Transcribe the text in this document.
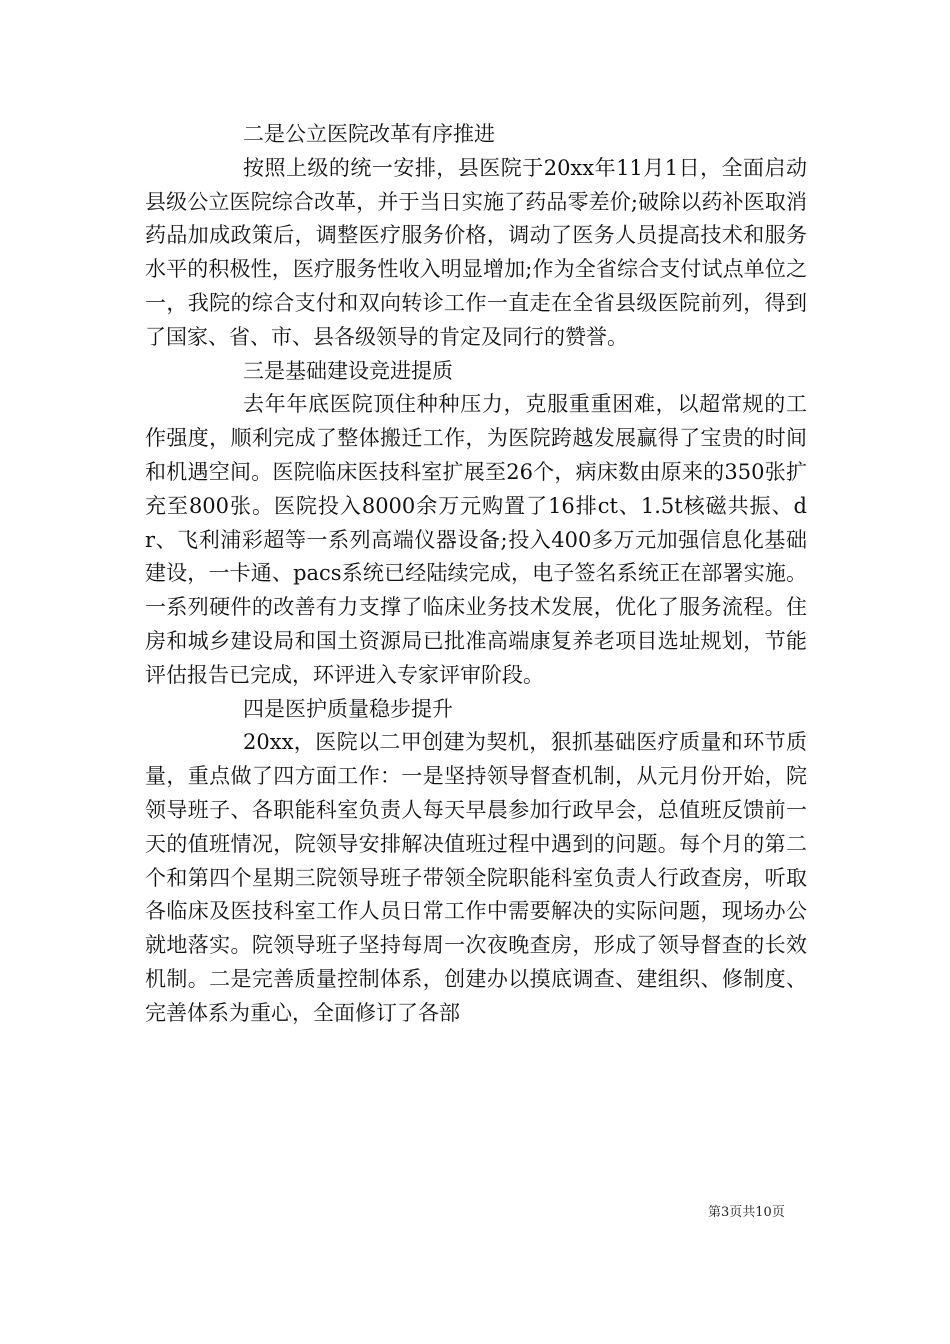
二是公立医院改革有序推进

按照上级的统一安排，县医院于20xx年11月1日，全面启动县级公立医院综合改革，并于当日实施了药品零差价;破除以药补医取消药品加成政策后，调整医疗服务价格，调动了医务人员提高技术和服务水平的积极性，医疗服务性收入明显增加;作为全省综合支付试点单位之一，我院的综合支付和双向转诊工作一直走在全省县级医院前列，得到了国家、省、市、县各级领导的肯定及同行的赞誉。

三是基础建设竞进提质

去年年底医院顶住种种压力，克服重重困难，以超常规的工作强度，顺利完成了整体搬迁工作，为医院跨越发展赢得了宝贵的时间和机遇空间。医院临床医技科室扩展至26个，病床数由原来的350张扩充至800张。医院投入8000余万元购置了16排ct、1.5t核磁共振、dr、飞利浦彩超等一系列高端仪器设备;投入400多万元加强信息化基础建设，一卡通、pacs系统已经陆续完成，电子签名系统正在部署实施。一系列硬件的改善有力支撑了临床业务技术发展，优化了服务流程。住房和城乡建设局和国土资源局已批准高端康复养老项目选址规划，节能评估报告已完成，环评进入专家评审阶段。

四是医护质量稳步提升

20xx，医院以二甲创建为契机，狠抓基础医疗质量和环节质量，重点做了四方面工作：一是坚持领导督查机制，从元月份开始，院领导班子、各职能科室负责人每天早晨参加行政早会，总值班反馈前一天的值班情况，院领导安排解决值班过程中遇到的问题。每个月的第二个和第四个星期三院领导班子带领全院职能科室负责人行政查房，听取各临床及医技科室工作人员日常工作中需要解决的实际问题，现场办公就地落实。院领导班子坚持每周一次夜晚查房，形成了领导督查的长效机制。二是完善质量控制体系，创建办以摸底调查、建组织、修制度、完善体系为重心，全面修订了各部

第3页共10页
